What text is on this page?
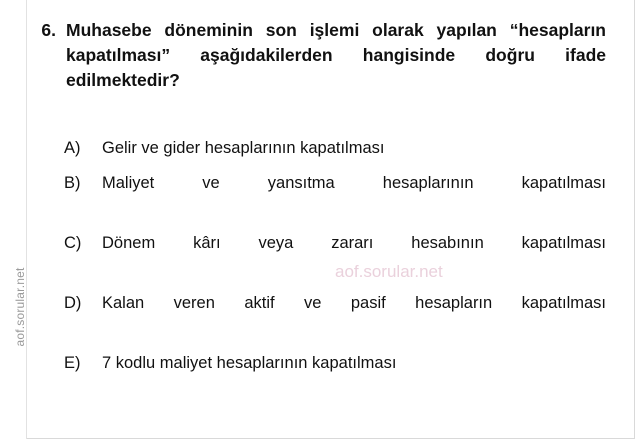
aof.sorular.net
6. Muhasebe döneminin son işlemi olarak yapılan “hesapların kapatılması” aşağıdakilerden hangisinde doğru ifade edilmektedir?
A)	Gelir ve gider hesaplarının kapatılması
B)	Maliyet ve yansıtma hesaplarının kapatılması
C)	Dönem kârı veya zararı hesabının kapatılması
D)	Kalan veren aktif ve pasif hesapların kapatılması
E)	7 kodlu maliyet hesaplarının kapatılması
aof.sorular.net
